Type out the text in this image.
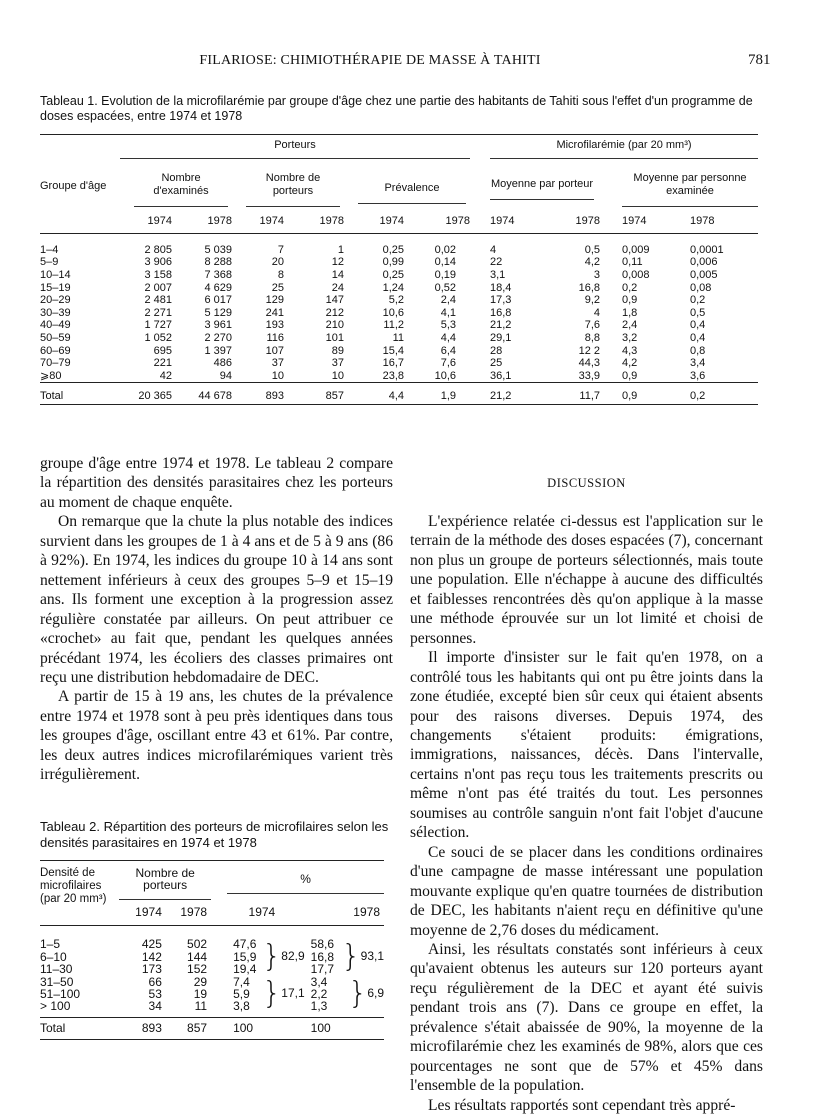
FILARIOSE: CHIMIOTHÉRAPIE DE MASSE À TAHITI	781
Tableau 1. Evolution de la microfilarémie par groupe d'âge chez une partie des habitants de Tahiti sous l'effet d'un programme de doses espacées, entre 1974 et 1978

	Porteurs							Microfilarémie (par 20 mm³)				

Groupe d'âge	Nombre d'examinés		Nombre de porteurs		Prévalence			Moyenne par porteur			Moyenne par personne examinée	

	1974	1978	1974	1978	1974	1978		1974	1978		1974	1978

1–4	2 805	5 039	7	1	0,25	0,02		4	0,5		0,009	0,0001
5–9	3 906	8 288	20	12	0,99	0,14		22	4,2		0,11	0,006
10–14	3 158	7 368	8	14	0,25	0,19		3,1	3		0,008	0,005
15–19	2 007	4 629	25	24	1,24	0,52		18,4	16,8		0,2	0,08
20–29	2 481	6 017	129	147	5,2	2,4		17,3	9,2		0,9	0,2
30–39	2 271	5 129	241	212	10,6	4,1		16,8	4		1,8	0,5
40–49	1 727	3 961	193	210	11,2	5,3		21,2	7,6		2,4	0,4
50–59	1 052	2 270	116	101	11	4,4		29,1	8,8		3,2	0,4
60–69	695	1 397	107	89	15,4	6,4		28	12 2		4,3	0,8
70–79	221	486	37	37	16,7	7,6		25	44,3		4,2	3,4
⩾80	42	94	10	10	23,8	10,6		36,1	33,9		0,9	3,6

Total	20 365	44 678	893	857	4,4	1,9		21,2	11,7		0,9	0,2

groupe d'âge entre 1974 et 1978. Le tableau 2 compare la répartition des densités parasitaires chez les porteurs au moment de chaque enquête.

On remarque que la chute la plus notable des indices survient dans les groupes de 1 à 4 ans et de 5 à 9 ans (86 à 92%). En 1974, les indices du groupe 10 à 14 ans sont nettement inférieurs à ceux des groupes 5–9 et 15–19 ans. Ils forment une exception à la progression assez régulière constatée par ailleurs. On peut attribuer ce «crochet» au fait que, pendant les quelques années précédant 1974, les écoliers des classes primaires ont reçu une distribution hebdomadaire de DEC.

A partir de 15 à 19 ans, les chutes de la prévalence entre 1974 et 1978 sont à peu près identiques dans tous les groupes d'âge, oscillant entre 43 et 61%. Par contre, les deux autres indices microfilarémiques varient très irrégulièrement.

Tableau 2. Répartition des porteurs de microfilaires selon les densités parasitaires en 1974 et 1978

Densité de
microfilaires
(par 20 mm³)	Nombre de porteurs		%			

	1974	1978	1974		1978	

1–5	425	502	47,6	}82,9	58,6	}93,1
6–10	142	144	15,9		16,8	
11–30	173	152	19,4		17,7	
31–50	66	29	7,4	}17,1	3,4	}6,9
51–100	53	19	5,9		2,2	
> 100	34	11	3,8		1,3	

Total	893	857	100		100	

DISCUSSION

L'expérience relatée ci-dessus est l'application sur le terrain de la méthode des doses espacées (7), concernant non plus un groupe de porteurs sélectionnés, mais toute une population. Elle n'échappe à aucune des difficultés et faiblesses rencontrées dès qu'on applique à la masse une méthode éprouvée sur un lot limité et choisi de personnes.

Il importe d'insister sur le fait qu'en 1978, on a contrôlé tous les habitants qui ont pu être joints dans la zone étudiée, excepté bien sûr ceux qui étaient absents pour des raisons diverses. Depuis 1974, des changements s'étaient produits: émigrations, immigrations, naissances, décès. Dans l'intervalle, certains n'ont pas reçu tous les traitements prescrits ou même n'ont pas été traités du tout. Les personnes soumises au contrôle sanguin n'ont fait l'objet d'aucune sélection.

Ce souci de se placer dans les conditions ordinaires d'une campagne de masse intéressant une population mouvante explique qu'en quatre tournées de distribution de DEC, les habitants n'aient reçu en définitive qu'une moyenne de 2,76 doses du médicament.

Ainsi, les résultats constatés sont inférieurs à ceux qu'avaient obtenus les auteurs sur 120 porteurs ayant reçu régulièrement de la DEC et ayant été suivis pendant trois ans (7). Dans ce groupe en effet, la prévalence s'était abaissée de 90%, la moyenne de la microfilarémie chez les examinés de 98%, alors que ces pourcentages ne sont que de 57% et 45% dans l'ensemble de la population.

Les résultats rapportés sont cependant très appré-
